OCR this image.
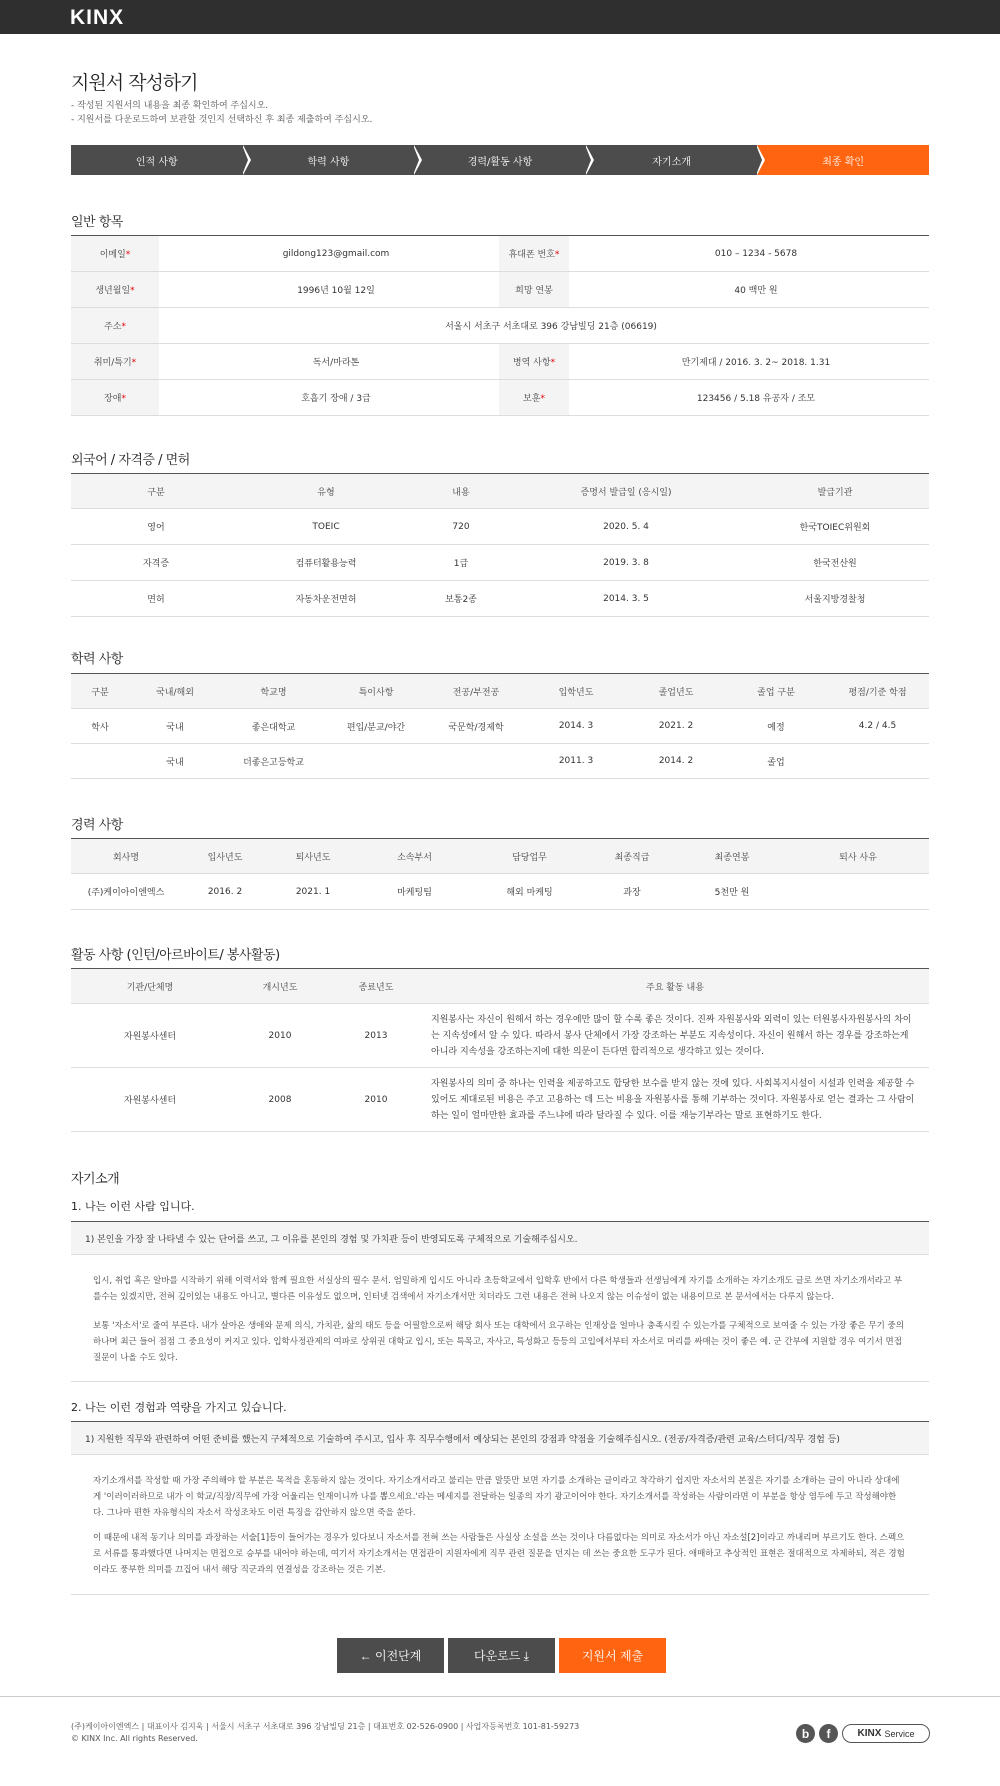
KINX
지원서 작성하기
- 작성된 지원서의 내용을 최종 확인하여 주십시오.
- 지원서를 다운로드하여 보관할 것인지 선택하신 후 최종 제출하여 주십시오.
인적 사항	학력 사항	경력/활동 사항	자기소개	최종 확인
일반 항목
이메일*	gildong123@gmail.com	휴대폰 번호*	010 – 1234 - 5678
생년월일*	1996년 10월 12일	희망 연봉	40 백만 원
주소*	서울시 서초구 서초대로 396 강남빌딩 21층 (06619)		
취미/특기*	독서/마라톤	병역 사항*	만기제대 / 2016. 3. 2~ 2018. 1.31
장애*	호흡기 장애 / 3급	보훈*	123456 / 5.18 유공자 / 조모
외국어 / 자격증 / 면허
구분	유형	내용	증명서 발급일 (응시일)	발급기관
영어	TOEIC	720	2020. 5. 4	한국TOIEC위원회
자격증	컴퓨터활용능력	1급	2019. 3. 8	한국전산원
면허	자동차운전면허	보통2종	2014. 3. 5	서울지방경찰청
학력 사항
구분	국내/해외	학교명	특이사항	전공/부전공	입학년도	졸업년도	졸업 구분	평점/기준 학점
학사	국내	좋은대학교	편입/분교/야간	국문학/경제학	2014. 3	2021. 2	예정	4.2 / 4.5
	국내	더좋은고등학교			2011. 3	2014. 2	졸업	
경력 사항
회사명	입사년도	퇴사년도	소속부서	담당업무	최종직급	최종연봉	퇴사 사유
(주)케이아이엔엑스	2016. 2	2021. 1	마케팅팀	해외 마케팅	과장	5천만 원	
활동 사항 (인턴/아르바이트/ 봉사활동)
기관/단체명	개시년도	종료년도	주요 활동 내용
자원봉사센터	2010	2013	지원봉사는 자신이 원해서 하는 경우에만 많이 할 수록 좋은 것이다. 진짜 자원봉사와 외력이 있는 터원봉사자원봉사의 차이는 지속성에서 알 수 있다. 따라서 봉사 단체에서 가장 강조하는 부분도 지속성이다. 자신이 원해서 하는 경우를 강조하는게 아니라 지속성을 강조하는지에 대한 의문이 든다면 합리적으로 생각하고 있는 것이다.
자원봉사센터	2008	2010	자원봉사의 의미 중 하나는 인력을 제공하고도 합당한 보수를 받지 않는 것에 있다. 사회복지시설이 시설과 인력을 제공할 수 있어도 제대로된 비용은 주고 고용하는 데 드는 비용을 자원봉사를 통해 기부하는 것이다. 자원봉사로 얻는 결과는 그 사람이 하는 일이 얼마만한 효과를 주느냐에 따라 달라질 수 있다. 이를 재능기부라는 말로 표현하기도 한다.
자기소개
1. 나는 이런 사람 입니다.
1) 본인을 가장 잘 나타낼 수 있는 단어를 쓰고, 그 이유를 본인의 경험 및 가치관 등이 반영되도록 구체적으로 기술해주십시오.
입시, 취업 혹은 알바를 시작하기 위해 이력서와 함께 필요한 서실상의 필수 문서. 엄밀하게 입시도 아니라 초등학교에서 입학후 반에서 다른 학생들과 선생님에게 자기를 소개하는 자기소개도 글로 쓰면 자기소개서라고 부를수는 있겠지만, 전혀 깊이있는 내용도 아니고, 별다른 이유성도 없으며, 인터넷 검색에서 자기소개서만 치더라도 그런 내용은 전혀 나오지 않는 이슈성이 없는 내용이므로 본 문서에서는 다루지 않는다.
보통 '자소서'로 줄여 부른다. 내가 살아온 생애와 문제 의식, 가치관, 삶의 태도 등을 어필함으로써 해당 회사 또는 대학에서 요구하는 인재상을 얼마나 충족시킬 수 있는가를 구체적으로 보여줄 수 있는 가장 좋은 무기 중의 하나며 최근 들어 점점 그 중요성이 커지고 있다. 입학사정관제의 여파로 상위권 대학교 입시, 또는 특목고, 자사고, 특성화고 등등의 고입에서부터 자소서로 머리를 싸매는 것이 좋은 예. 군 간부에 지원할 경우 여기서 면접 질문이 나올 수도 있다.
2. 나는 이런 경험과 역량을 가지고 있습니다.
1) 지원한 직무와 관련하여 어떤 준비를 했는지 구체적으로 기술하여 주시고, 입사 후 직무수행에서 예상되는 본인의 강점과 약점을 기술해주십시오. (전공/자격증/관련 교육/스터디/직무 경험 등)
자기소개서를 작성할 때 가장 주의해야 할 부분은 목적을 혼동하지 않는 것이다. 자기소개서라고 불리는 만큼 말뜻만 보면 자기를 소개하는 글이라고 착각하기 쉽지만 자소서의 본질은 자기를 소개하는 글이 아니라 상대에게 '이러이러하므로 내가 이 학교/직장/직무에 가장 어울리는 인재이니까 나를 뽑으세요.'라는 메세지를 전달하는 일종의 자기 광고이어야 한다. 자기소개서를 작성하는 사람이라면 이 부분을 항상 염두에 두고 작성해야한다. 그나마 편한 자유형식의 자소서 작성조차도 이런 특징을 감안하지 않으면 죽을 쑨다.
이 때문에 내적 동기나 의미를 과장하는 서술[1]등이 들어가는 경우가 있다보니 자소서를 전혀 쓰는 사람들은 사실상 소설을 쓰는 것이나 다름없다는 의미로 자소서가 아닌 자소설[2]이라고 까내리며 부르기도 한다. 스펙으로 서류를 통과했다면 나머지는 면접으로 승부를 내어야 하는데, 여기서 자기소개서는 면접관이 지원자에게 직무 관련 질문을 던지는 데 쓰는 중요한 도구가 된다. 애매하고 추상적인 표현은 절대적으로 자제하되, 적은 경험이라도 풍부한 의미를 끄집어 내서 해당 직군과의 연결성을 강조하는 것은 기본.
← 이전단계	다운로드 ⤓	지원서 제출
(주)케이아이엔엑스 | 대표이사 김지욱 | 서울시 서초구 서초대로 396 강남빌딩 21층 | 대표번호 02-526-0900 | 사업자등록번호 101-81-59273
© KINX Inc. All rights Reserved.	b	f	KINX Service
